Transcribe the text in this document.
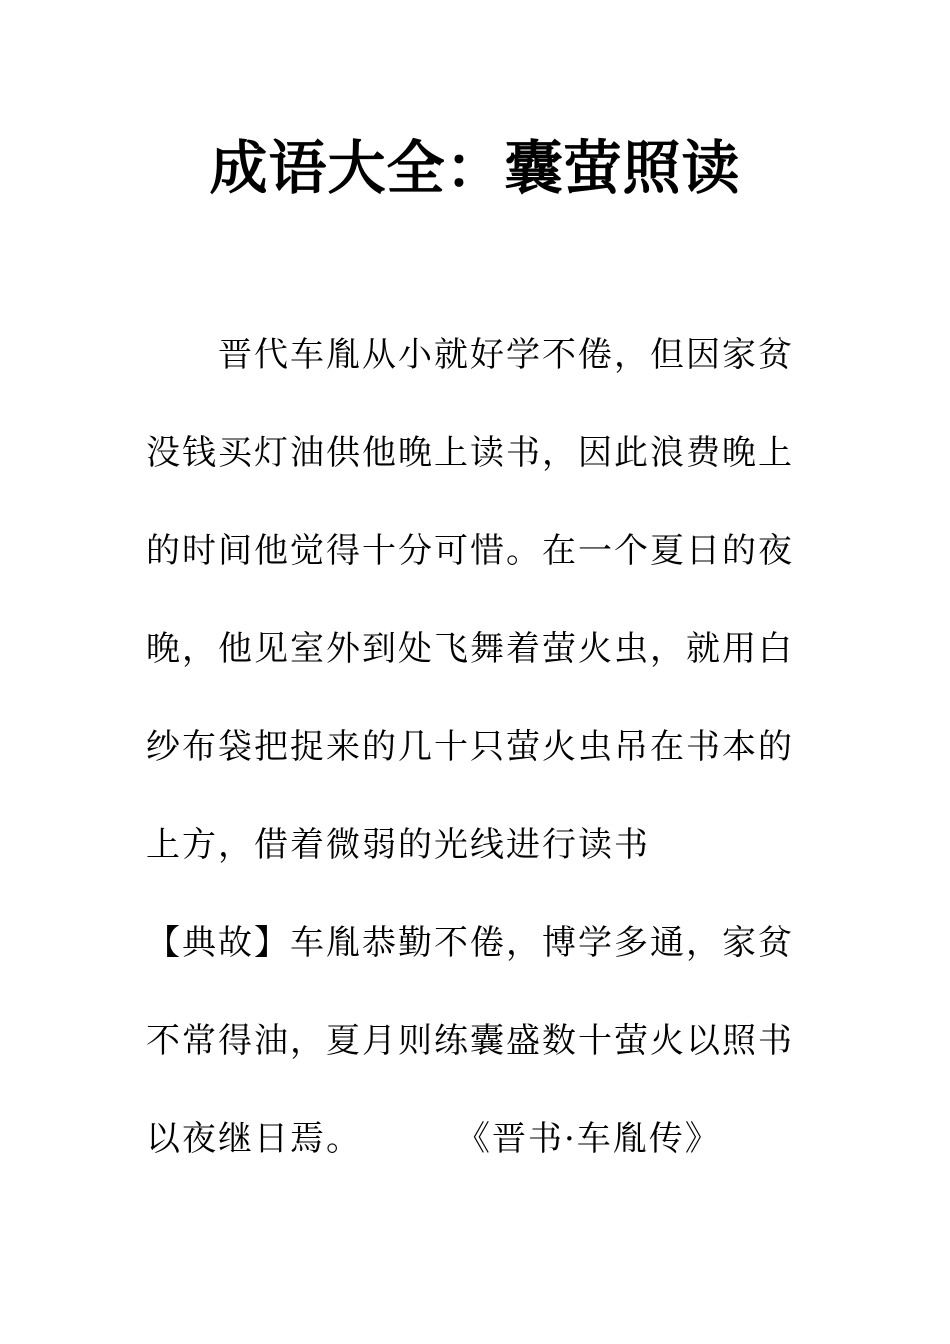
成语大全：囊萤照读
晋代车胤从小就好学不倦，但因家贫
没钱买灯油供他晚上读书，因此浪费晚上
的时间他觉得十分可惜。在一个夏日的夜
晚，他见室外到处飞舞着萤火虫，就用白
纱布袋把捉来的几十只萤火虫吊在书本的
上方，借着微弱的光线进行读书
【典故】车胤恭勤不倦，博学多通，家贫
不常得油，夏月则练囊盛数十萤火以照书
以夜继日焉。	《晋书·车胤传》
